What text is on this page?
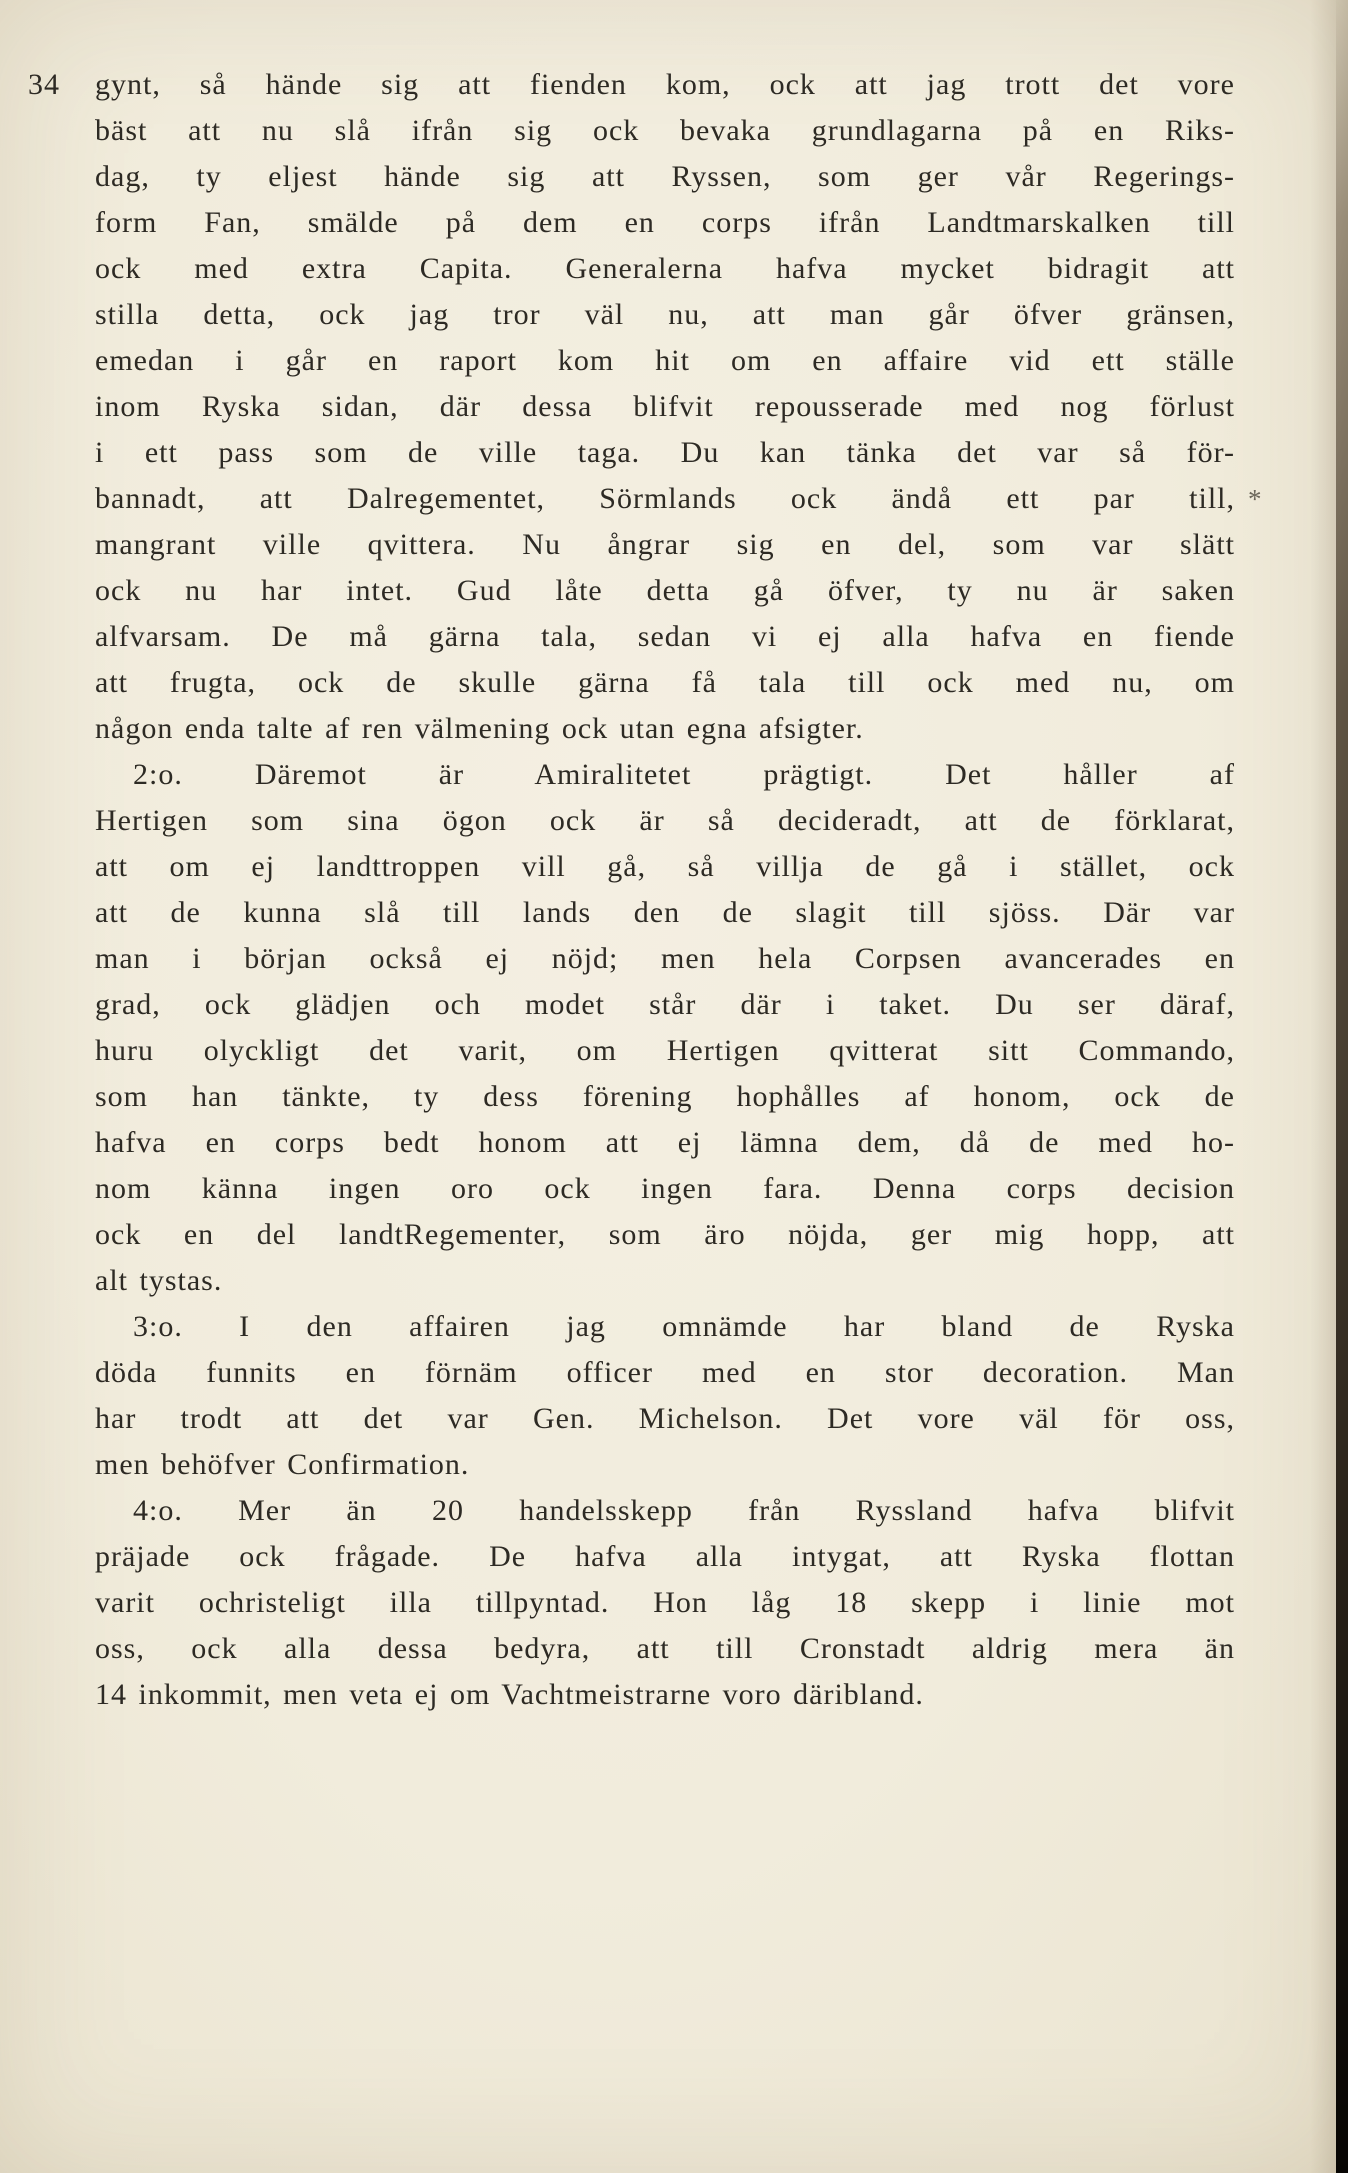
34
*
gynt, så hände sig att fienden kom, ock att jag trott det vore
bäst att nu slå ifrån sig ock bevaka grundlagarna på en Riks-
dag, ty eljest hände sig att Ryssen, som ger vår Regerings-
form Fan, smälde på dem en corps ifrån Landtmarskalken till
ock med extra Capita. Generalerna hafva mycket bidragit att
stilla detta, ock jag tror väl nu, att man går öfver gränsen,
emedan i går en raport kom hit om en affaire vid ett ställe
inom Ryska sidan, där dessa blifvit repousserade med nog förlust
i ett pass som de ville taga. Du kan tänka det var så för-
bannadt, att Dalregementet, Sörmlands ock ändå ett par till,
mangrant ville qvittera. Nu ångrar sig en del, som var slätt
ock nu har intet. Gud låte detta gå öfver, ty nu är saken
alfvarsam. De må gärna tala, sedan vi ej alla hafva en fiende
att frugta, ock de skulle gärna få tala till ock med nu, om
någon enda talte af ren välmening ock utan egna afsigter.
2:o. Däremot är Amiralitetet prägtigt. Det håller af
Hertigen som sina ögon ock är så decideradt, att de förklarat,
att om ej landttroppen vill gå, så villja de gå i stället, ock
att de kunna slå till lands den de slagit till sjöss. Där var
man i början också ej nöjd; men hela Corpsen avancerades en
grad, ock glädjen och modet står där i taket. Du ser däraf,
huru olyckligt det varit, om Hertigen qvitterat sitt Commando,
som han tänkte, ty dess förening hophålles af honom, ock de
hafva en corps bedt honom att ej lämna dem, då de med ho-
nom känna ingen oro ock ingen fara. Denna corps decision
ock en del landtRegementer, som äro nöjda, ger mig hopp, att
alt tystas.
3:o. I den affairen jag omnämde har bland de Ryska
döda funnits en förnäm officer med en stor decoration. Man
har trodt att det var Gen. Michelson. Det vore väl för oss,
men behöfver Confirmation.
4:o. Mer än 20 handelsskepp från Ryssland hafva blifvit
präjade ock frågade. De hafva alla intygat, att Ryska flottan
varit ochristeligt illa tillpyntad. Hon låg 18 skepp i linie mot
oss, ock alla dessa bedyra, att till Cronstadt aldrig mera än
14 inkommit, men veta ej om Vachtmeistrarne voro däribland.
